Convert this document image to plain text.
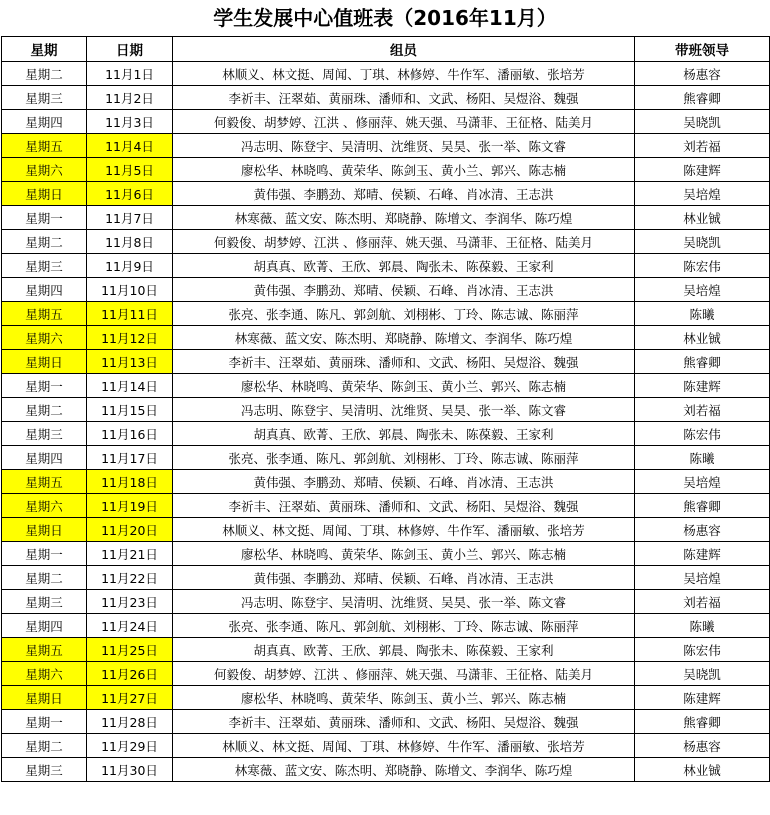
学生发展中心值班表（2016年11月）
星期	日期	组员	带班领导
星期二	11月1日	林顺义、林文挺、周闻、丁琪、林修婷、牛作军、潘丽敏、张培芳	杨惠容
星期三	11月2日	李祈丰、汪翠茹、黄丽珠、潘师和、文武、杨阳、吴煜浴、魏强	熊睿卿
星期四	11月3日	何毅俊、胡梦婷、江洪 、修丽萍、姚天强、马潇菲、王征格、陆美月	吴晓凯
星期五	11月4日	冯志明、陈登宇、吴清明、沈维贤、吴昊、张一举、陈文睿	刘若福
星期六	11月5日	廖松华、林晓鸣、黄荣华、陈剑玉、黄小兰、郭兴、陈志楠	陈建辉
星期日	11月6日	黄伟强、李鹏劲、郑晴、侯颖、石峰、肖冰清、王志洪	吴培煌
星期一	11月7日	林寒薇、蓝文安、陈杰明、郑晓静、陈增文、李润华、陈巧煌	林业铖
星期二	11月8日	何毅俊、胡梦婷、江洪 、修丽萍、姚天强、马潇菲、王征格、陆美月	吴晓凯
星期三	11月9日	胡真真、欧菁、王欣、郭晨、陶张未、陈葆毅、王家利	陈宏伟
星期四	11月10日	黄伟强、李鹏劲、郑晴、侯颖、石峰、肖冰清、王志洪	吴培煌
星期五	11月11日	张亮、张李通、陈凡、郭剑航、刘栩彬、丁玲、陈志诚、陈丽萍	陈曦
星期六	11月12日	林寒薇、蓝文安、陈杰明、郑晓静、陈增文、李润华、陈巧煌	林业铖
星期日	11月13日	李祈丰、汪翠茹、黄丽珠、潘师和、文武、杨阳、吴煜浴、魏强	熊睿卿
星期一	11月14日	廖松华、林晓鸣、黄荣华、陈剑玉、黄小兰、郭兴、陈志楠	陈建辉
星期二	11月15日	冯志明、陈登宇、吴清明、沈维贤、吴昊、张一举、陈文睿	刘若福
星期三	11月16日	胡真真、欧菁、王欣、郭晨、陶张未、陈葆毅、王家利	陈宏伟
星期四	11月17日	张亮、张李通、陈凡、郭剑航、刘栩彬、丁玲、陈志诚、陈丽萍	陈曦
星期五	11月18日	黄伟强、李鹏劲、郑晴、侯颖、石峰、肖冰清、王志洪	吴培煌
星期六	11月19日	李祈丰、汪翠茹、黄丽珠、潘师和、文武、杨阳、吴煜浴、魏强	熊睿卿
星期日	11月20日	林顺义、林文挺、周闻、丁琪、林修婷、牛作军、潘丽敏、张培芳	杨惠容
星期一	11月21日	廖松华、林晓鸣、黄荣华、陈剑玉、黄小兰、郭兴、陈志楠	陈建辉
星期二	11月22日	黄伟强、李鹏劲、郑晴、侯颖、石峰、肖冰清、王志洪	吴培煌
星期三	11月23日	冯志明、陈登宇、吴清明、沈维贤、吴昊、张一举、陈文睿	刘若福
星期四	11月24日	张亮、张李通、陈凡、郭剑航、刘栩彬、丁玲、陈志诚、陈丽萍	陈曦
星期五	11月25日	胡真真、欧菁、王欣、郭晨、陶张未、陈葆毅、王家利	陈宏伟
星期六	11月26日	何毅俊、胡梦婷、江洪 、修丽萍、姚天强、马潇菲、王征格、陆美月	吴晓凯
星期日	11月27日	廖松华、林晓鸣、黄荣华、陈剑玉、黄小兰、郭兴、陈志楠	陈建辉
星期一	11月28日	李祈丰、汪翠茹、黄丽珠、潘师和、文武、杨阳、吴煜浴、魏强	熊睿卿
星期二	11月29日	林顺义、林文挺、周闻、丁琪、林修婷、牛作军、潘丽敏、张培芳	杨惠容
星期三	11月30日	林寒薇、蓝文安、陈杰明、郑晓静、陈增文、李润华、陈巧煌	林业铖
